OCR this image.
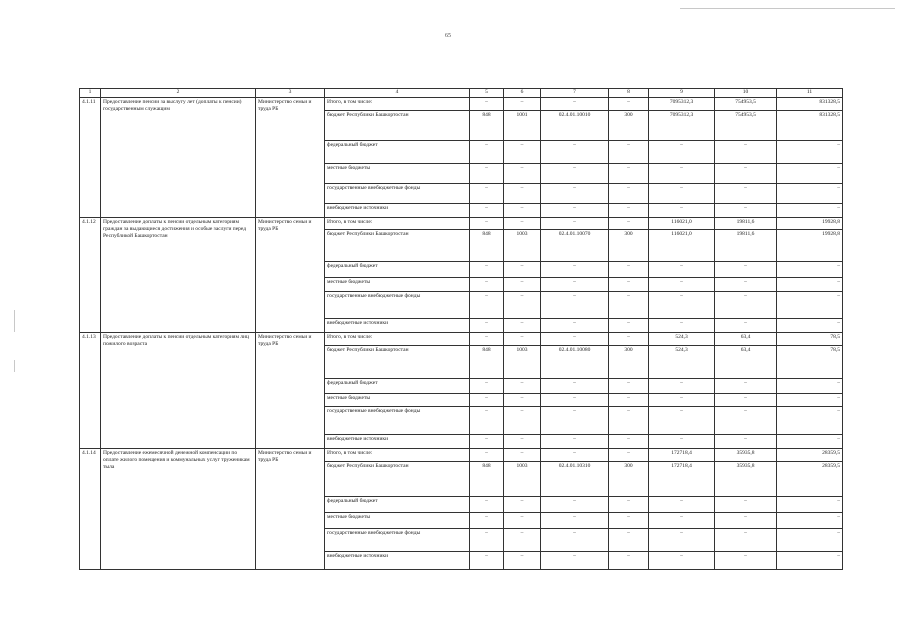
65
1	2	3	4	5	6	7	8	9	10	11
4.1.11	Предоставление пенсии за выслугу лет (доплаты к пенсии) государственным служащим	Министерство семьи и труда РБ	Итого, в том числе:	–	–	–	–	7095312,3	754953,5	831328,5
			бюджет Республики Башкортостан	848	1001	02.4.01.10010	300	7095312,3	754953,5	831328,5
			федеральный бюджет	–	–	–	–	–	–	–
			местные бюджеты	–	–	–	–	–	–	–
			государственные внебюджетные фонды	–	–	–	–	–	–	–
			внебюджетные источники	–	–	–	–	–	–	–
4.1.12	Предоставление доплаты к пенсии отдельным категориям граждан за выдающиеся достижения и особые заслуги перед Республикой Башкортостан	Министерство семьи и труда РБ	Итого, в том числе:	–	–	–	–	116021,0	19811,6	19928,8
			бюджет Республики Башкортостан	848	1003	02.4.01.10070	300	116021,0	19811,6	19928,8
			федеральный бюджет	–	–	–	–	–	–	–
			местные бюджеты	–	–	–	–	–	–	–
			государственные внебюджетные фонды	–	–	–	–	–	–	–
			внебюджетные источники	–	–	–	–	–	–	–
4.1.13	Предоставление доплаты к пенсии отдельным категориям лиц пожилого возраста	Министерство семьи и труда РБ	Итого, в том числе:	–	–	–	–	524,3	63,4	78,5
			бюджет Республики Башкортостан	848	1003	02.4.01.10080	300	524,3	63,4	78,5
			федеральный бюджет	–	–	–	–	–	–	–
			местные бюджеты	–	–	–	–	–	–	–
			государственные внебюджетные фонды	–	–	–	–	–	–	–
			внебюджетные источники	–	–	–	–	–	–	–
4.1.14	Предоставление ежемесячной денежной компенсации по оплате жилого помещения и коммунальных услуг труженикам тыла	Министерство семьи и труда РБ	Итого, в том числе:	–	–	–	–	172718,4	35935,8	28359,5
			бюджет Республики Башкортостан	848	1003	02.4.01.10310	300	172718,4	35935,8	28359,5
			федеральный бюджет	–	–	–	–	–	–	–
			местные бюджеты	–	–	–	–	–	–	–
			государственные внебюджетные фонды	–	–	–	–	–	–	–
			внебюджетные источники	–	–	–	–	–	–	–
